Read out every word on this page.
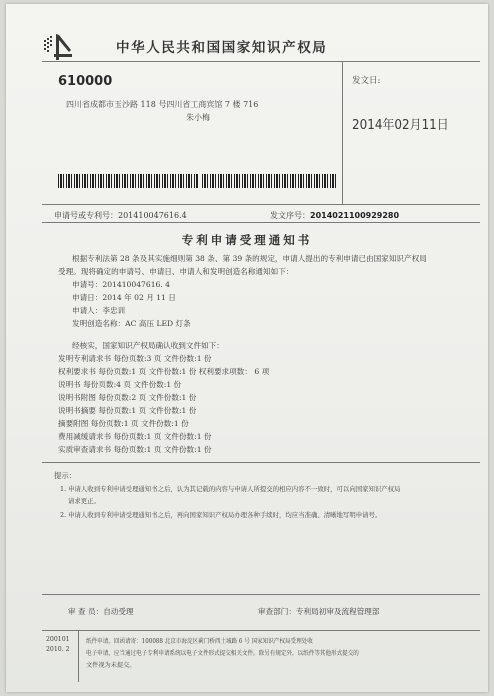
中华人民共和国国家知识产权局
610000
四川省成都市玉沙路 118 号四川省工商宾馆 7 楼 716
朱小梅
发文日:
2014年02月11日
申请号或专利号：201410047616.4	发文序号：2014021100929280
专利申请受理通知书
根据专利法第 28 条及其实施细则第 38 条、第 39 条的规定，申请人提出的专利申请已由国家知识产权局
受理。现将确定的申请号、申请日、申请人和发明创造名称通知如下：
申请号：201410047616. 4
申请日：2014 年 02 月 11 日
申请人：李忠训
发明创造名称：AC 高压 LED 灯条
经核实，国家知识产权局确认收到文件如下：
发明专利请求书 每份页数:3 页 文件份数:1 份
权利要求书 每份页数:1 页 文件份数:1 份 权利要求项数： 6 项
说明书 每份页数:4 页 文件份数:1 份
说明书附图 每份页数:2 页 文件份数:1 份
说明书摘要 每份页数:1 页 文件份数:1 份
摘要附图 每份页数:1 页 文件份数:1 份
费用减缓请求书 每份页数:1 页 文件份数:1 份
实质审查请求书 每份页数:1 页 文件份数:1 份
提示：
1. 申请人收到专利申请受理通知书之后，认为其记载的内容与申请人所提交的相应内容不一致时，可以向国家知识产权局
请求更正。
2. 申请人收到专利申请受理通知书之后，再向国家知识产权局办理各种手续时，均应当准确、清晰地写明申请号。
审 查 员：自动受理	审查部门：专利局初审及流程管理部
200101
2010. 2
纸件申请，回函请寄：100088 北京市海淀区蓟门桥西土城路 6 号 国家知识产权局受理处收
电子申请，应当通过电子专利申请系统以电子文件形式提交相关文件。除另有规定外，以纸件等其他形式提交的
文件视为未提交。
